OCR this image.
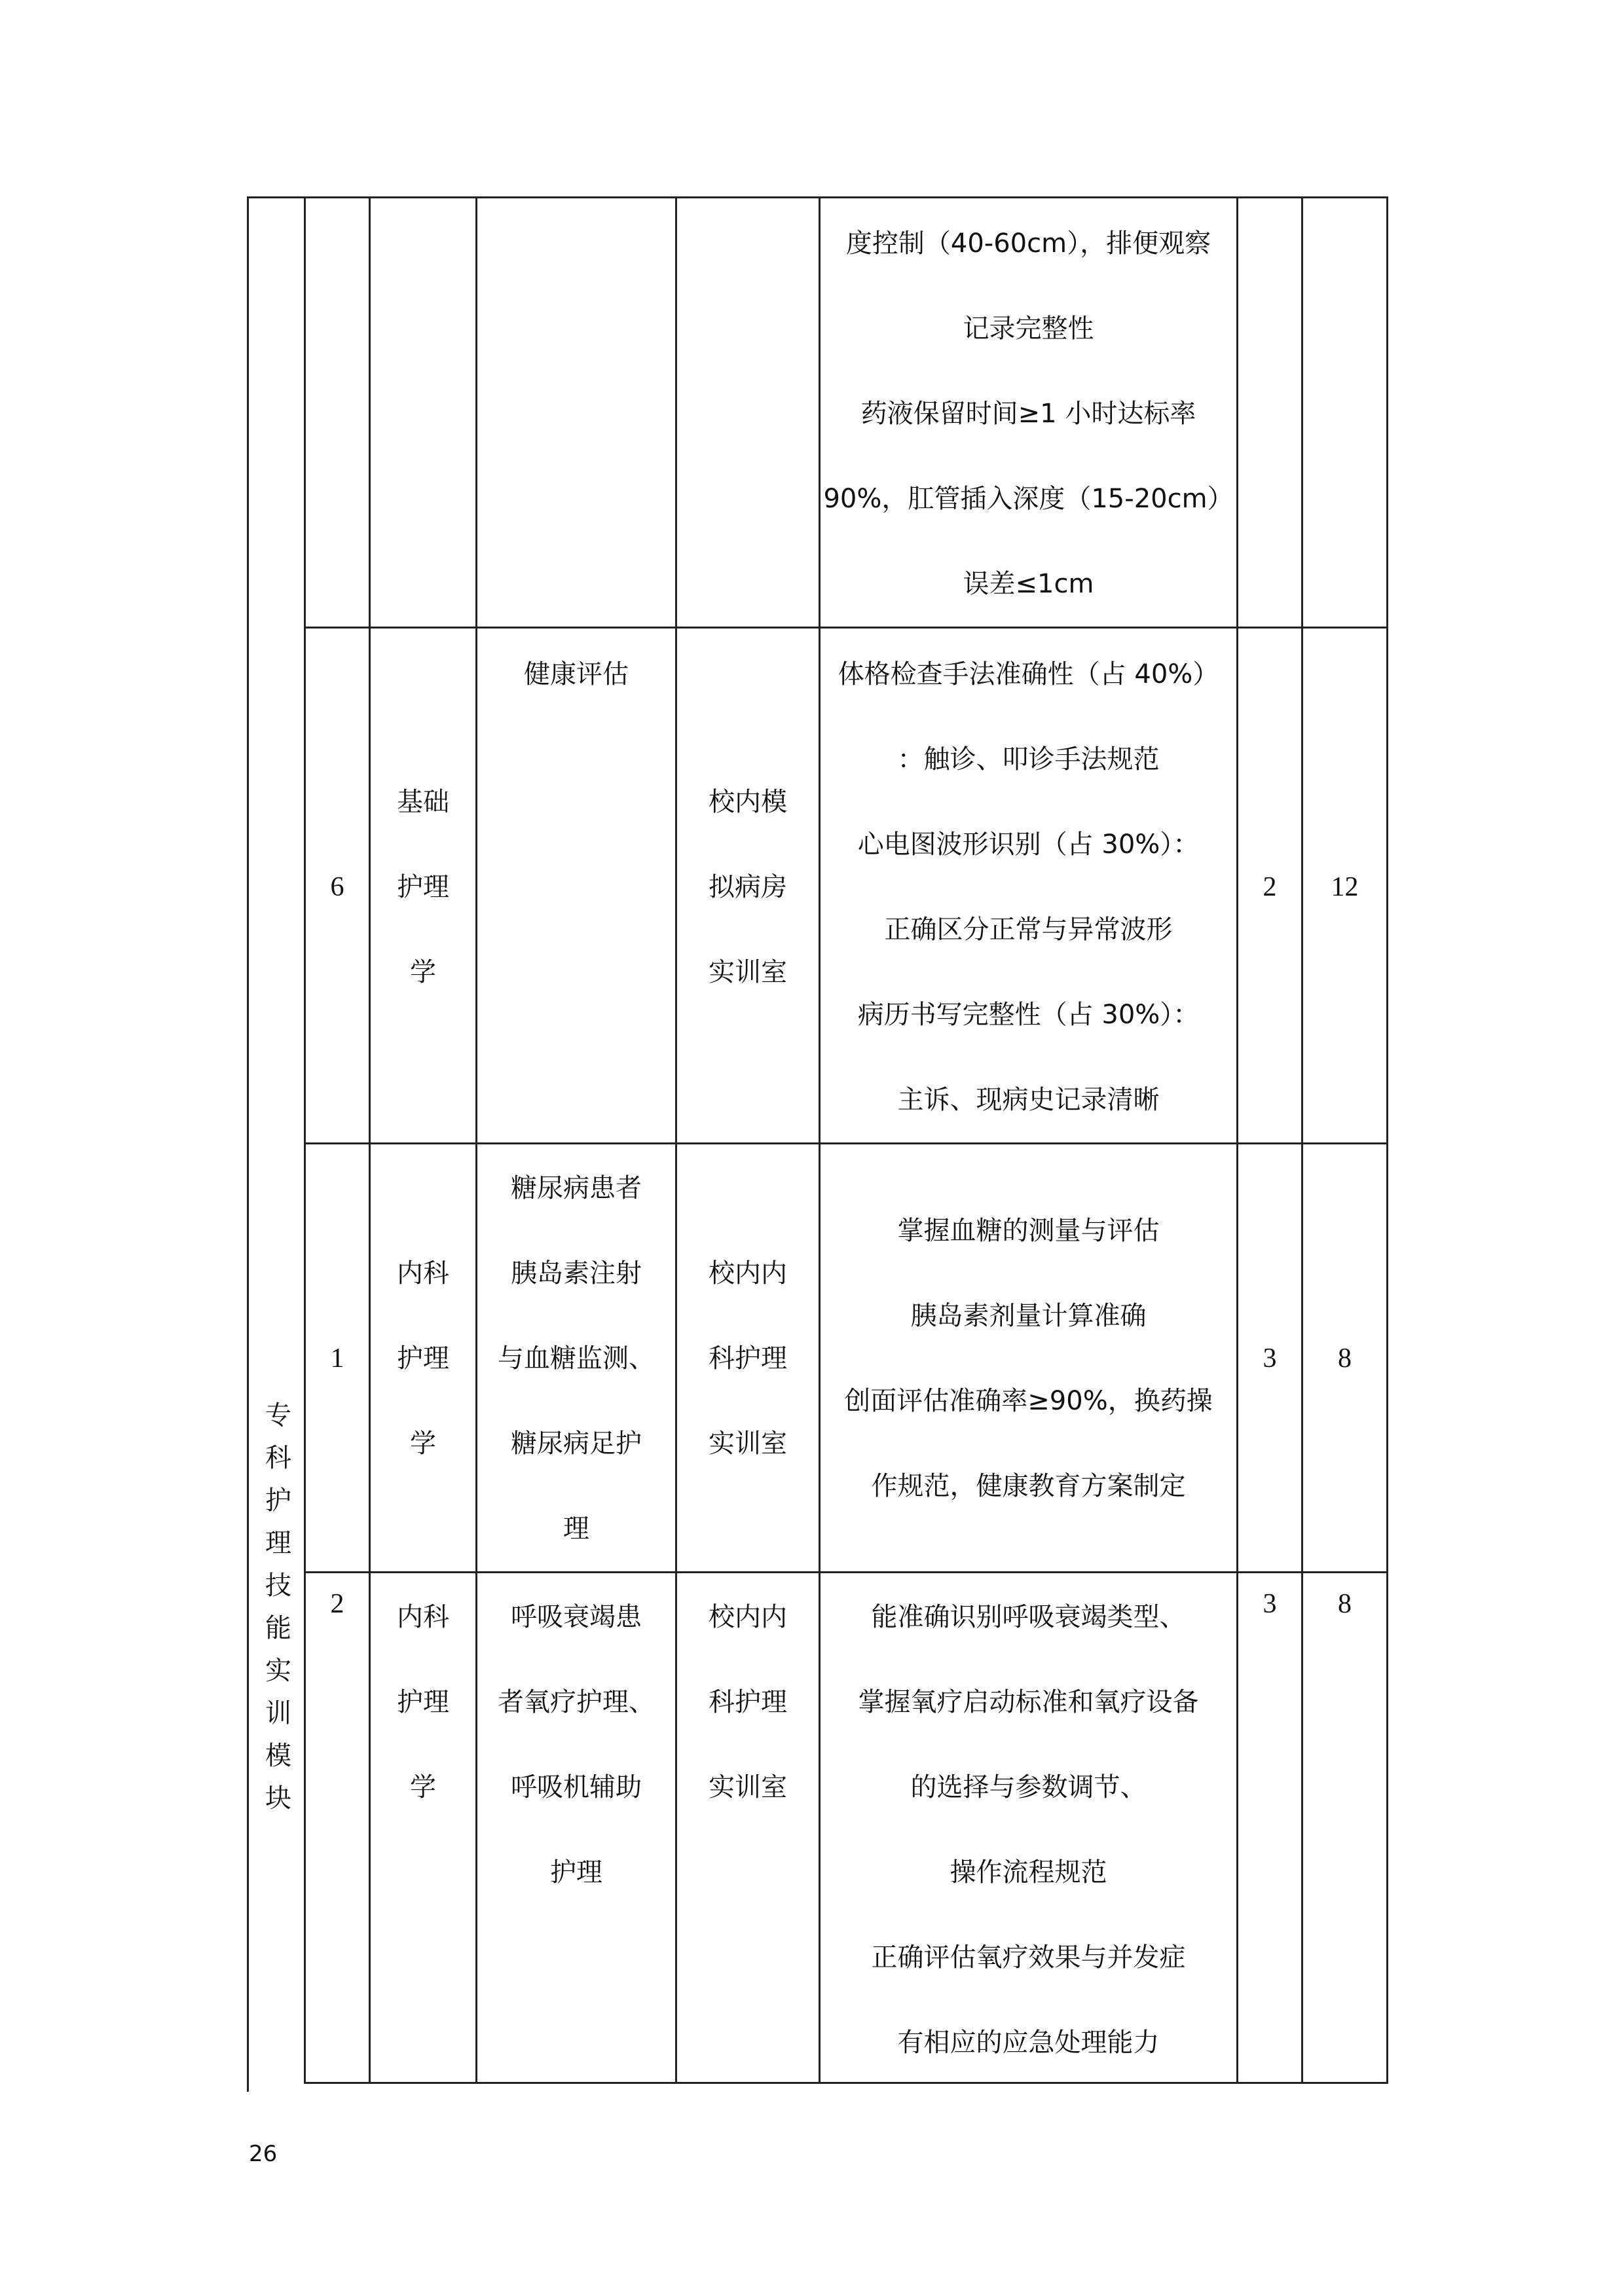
专
科
护
理
技
能
实
训
模
块
度控制（40-60cm），排便观察
记录完整性
药液保留时间≥1 小时达标率
90%，肛管插入深度（15-20cm）
误差≤1cm
6
基础
护理
学
健康评估
校内模
拟病房
实训室
体格检查手法准确性（占 40%）
：触诊、叩诊手法规范
心电图波形识别（占 30%）：
正确区分正常与异常波形
病历书写完整性（占 30%）：
主诉、现病史记录清晰
2 12
1
内科
护理
学
糖尿病患者
胰岛素注射
与血糖监测、
糖尿病足护
理
校内内
科护理
实训室
掌握血糖的测量与评估
胰岛素剂量计算准确
创面评估准确率≥90%，换药操
作规范，健康教育方案制定
3 8
2 内科
护理
学
呼吸衰竭患
者氧疗护理、
呼吸机辅助
护理
校内内
科护理
实训室
能准确识别呼吸衰竭类型、
掌握氧疗启动标准和氧疗设备
的选择与参数调节、
操作流程规范
正确评估氧疗效果与并发症
有相应的应急处理能力
3 8
26
